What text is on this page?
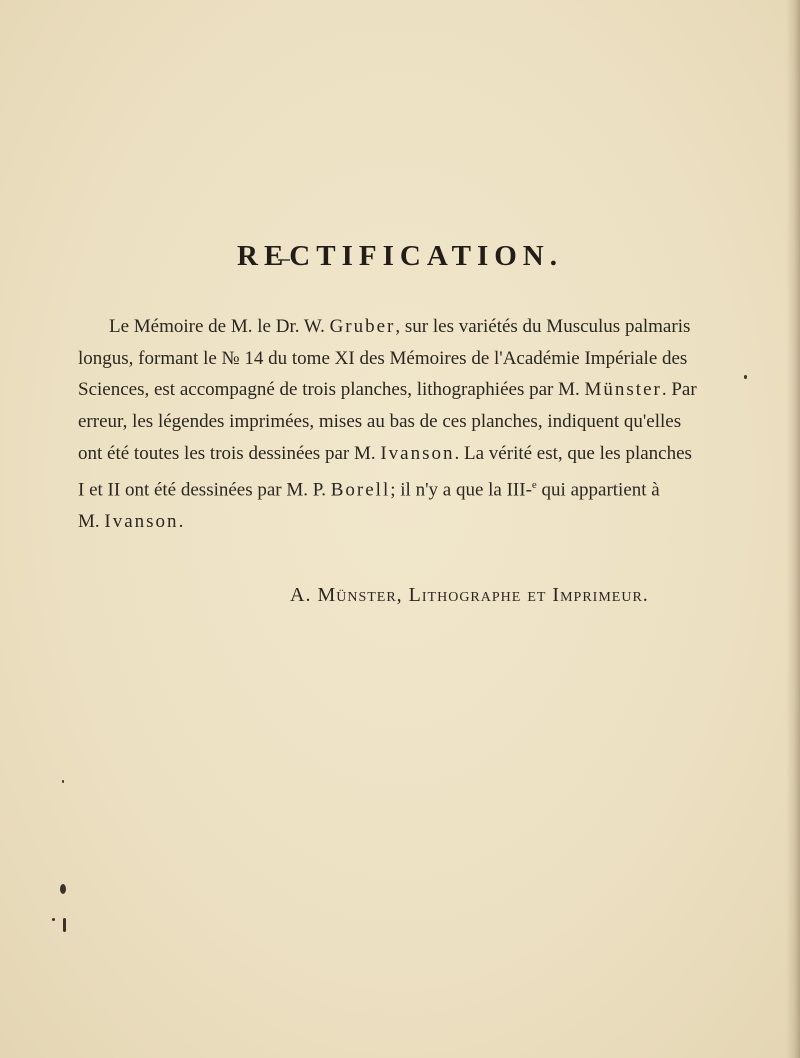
RECTIFICATION.
Le Mémoire de M. le Dr. W. Gruber, sur les variétés du Musculus palmaris
longus, formant le № 14 du tome XI des Mémoires de l'Académie Impériale des
Sciences, est accompagné de trois planches, lithographiées par M. Münster. Par
erreur, les légendes imprimées, mises au bas de ces planches, indiquent qu'elles
ont été toutes les trois dessinées par M. Ivanson. La vérité est, que les planches
I et II ont été dessinées par M. P. Borell; il n'y a que la III-$^e$ qui appartient à
M. Ivanson.
A. Münster, Lithographe et Imprimeur.
